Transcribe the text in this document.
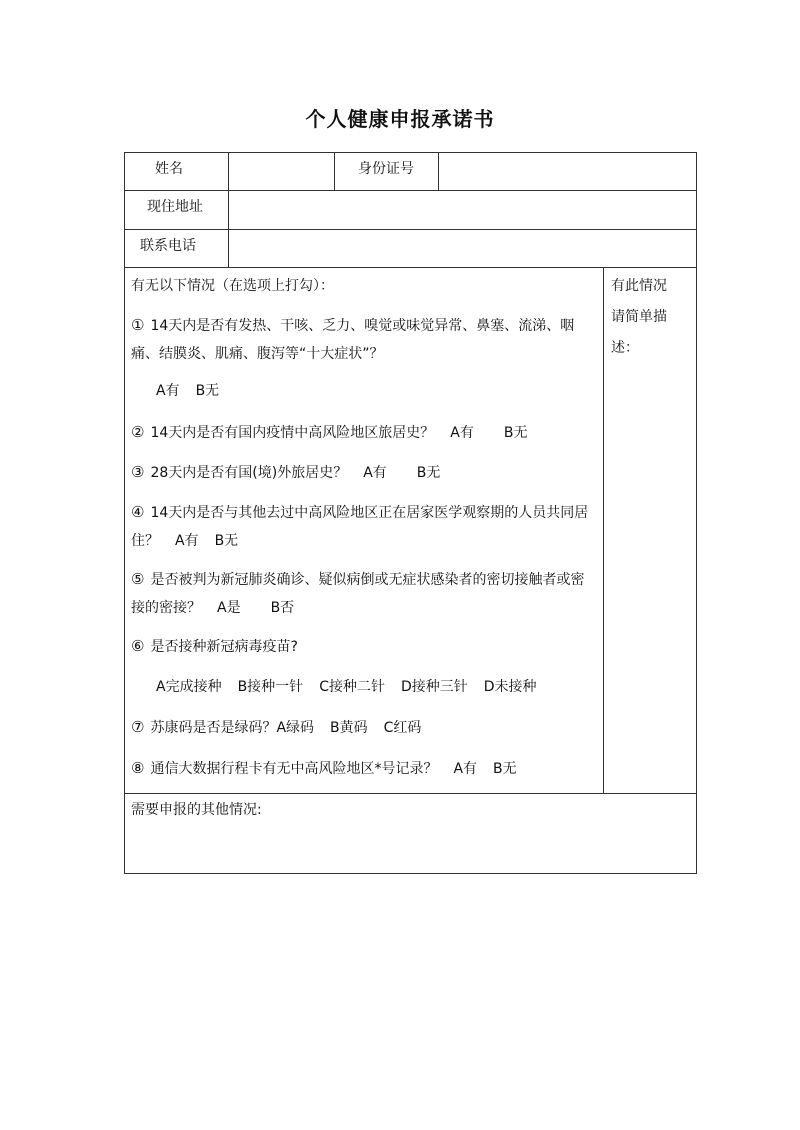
个人健康申报承诺书
姓名	身份证号
现住地址
联系电话
有无以下情况（在选项上打勾）：	有此情况
请简单描
述：
① 14天内是否有发热、干咳、乏力、嗅觉或味觉异常、鼻塞、流涕、咽痛、结膜炎、肌痛、腹泻等“十大症状”？
A有 B无
② 14天内是否有国内疫情中高风险地区旅居史？ A有 B无
③ 28天内是否有国(境)外旅居史？ A有 B无
④ 14天内是否与其他去过中高风险地区正在居家医学观察期的人员共同居住？ A有 B无
⑤ 是否被判为新冠肺炎确诊、疑似病倒或无症状感染者的密切接触者或密接的密接？ A是 B否
⑥ 是否接种新冠病毒疫苗?
A完成接种 B接种一针 C接种二针 D接种三针 D未接种
⑦ 苏康码是否是绿码？A绿码 B黄码 C红码
⑧ 通信大数据行程卡有无中高风险地区*号记录？ A有 B无
需要申报的其他情况:
